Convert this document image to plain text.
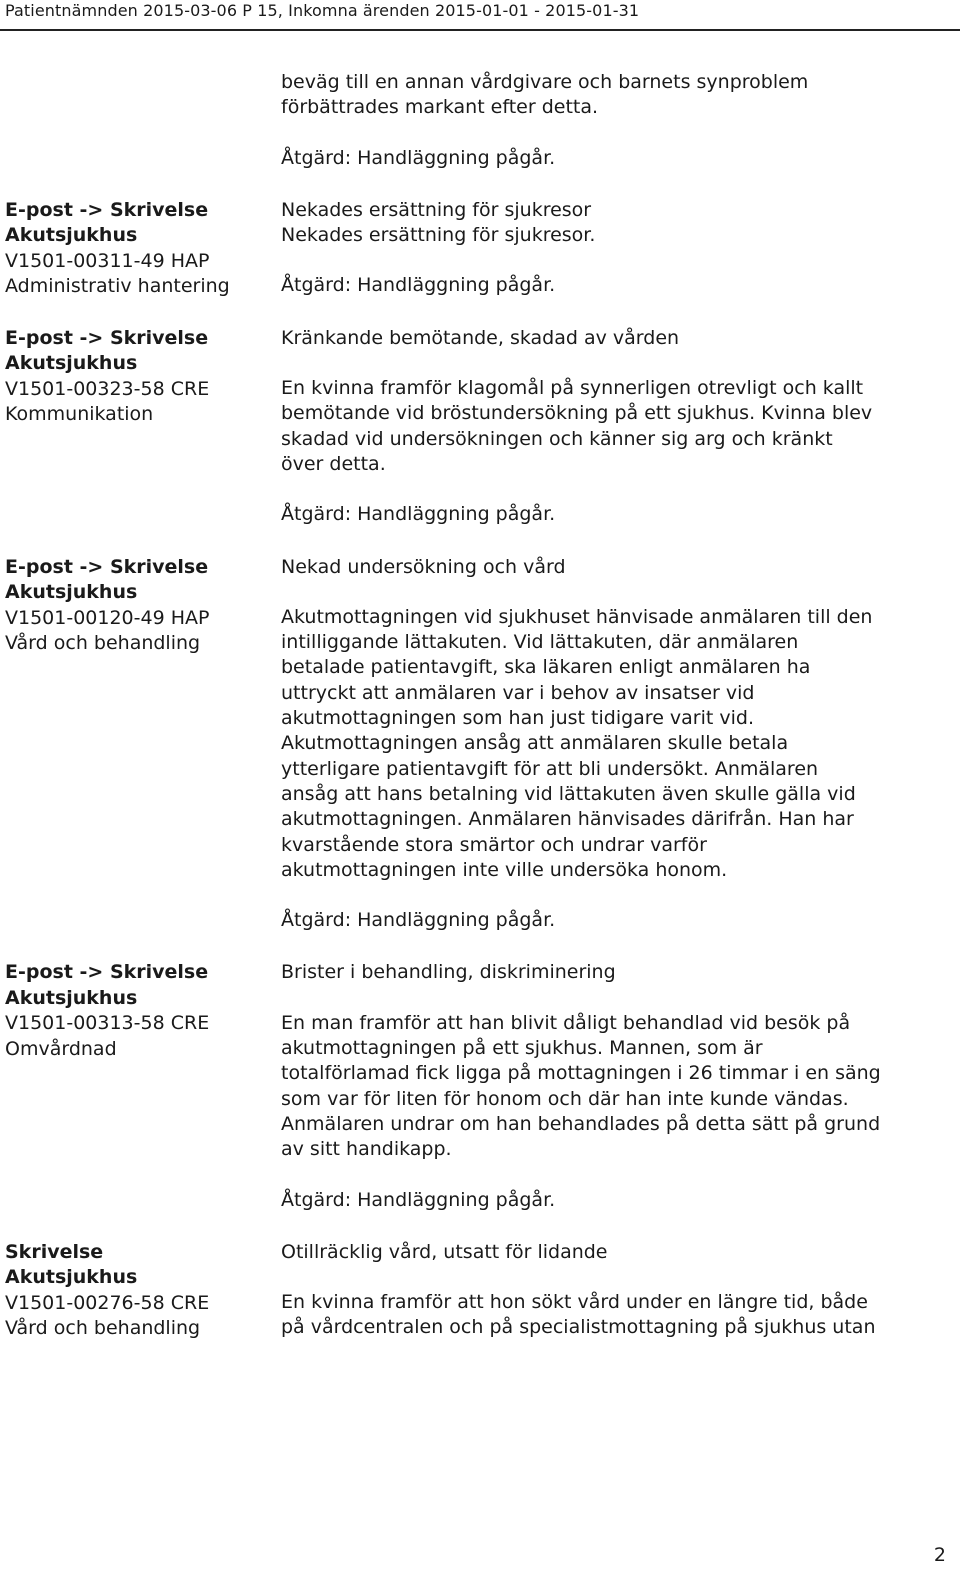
Patientnämnden 2015-03-06 P 15, Inkomna ärenden 2015-01-01 - 2015-01-31

beväg till en annan vårdgivare och barnets synproblem

förbättrades markant efter detta.

Åtgärd: Handläggning pågår.

E-post -> Skrivelse
Akutsjukhus
V1501-00311-49 HAP
Administrativ hantering

Nekades ersättning för sjukresor

Nekades ersättning för sjukresor.

Åtgärd: Handläggning pågår.

E-post -> Skrivelse
Akutsjukhus
V1501-00323-58 CRE
Kommunikation

Kränkande bemötande, skadad av vården

En kvinna framför klagomål på synnerligen otrevligt och kallt

bemötande vid bröstundersökning på ett sjukhus. Kvinna blev

skadad vid undersökningen och känner sig arg och kränkt

över detta.

Åtgärd: Handläggning pågår.

E-post -> Skrivelse
Akutsjukhus
V1501-00120-49 HAP
Vård och behandling

Nekad undersökning och vård

Akutmottagningen vid sjukhuset hänvisade anmälaren till den

intilliggande lättakuten. Vid lättakuten, där anmälaren

betalade patientavgift, ska läkaren enligt anmälaren ha

uttryckt att anmälaren var i behov av insatser vid

akutmottagningen som han just tidigare varit vid.

Akutmottagningen ansåg att anmälaren skulle betala

ytterligare patientavgift för att bli undersökt. Anmälaren

ansåg att hans betalning vid lättakuten även skulle gälla vid

akutmottagningen. Anmälaren hänvisades därifrån. Han har

kvarstående stora smärtor och undrar varför

akutmottagningen inte ville undersöka honom.

Åtgärd: Handläggning pågår.

E-post -> Skrivelse
Akutsjukhus
V1501-00313-58 CRE
Omvårdnad

Brister i behandling, diskriminering

En man framför att han blivit dåligt behandlad vid besök på

akutmottagningen på ett sjukhus. Mannen, som är

totalförlamad fick ligga på mottagningen i 26 timmar i en säng

som var för liten för honom och där han inte kunde vändas.

Anmälaren undrar om han behandlades på detta sätt på grund

av sitt handikapp.

Åtgärd: Handläggning pågår.

Skrivelse
Akutsjukhus
V1501-00276-58 CRE
Vård och behandling

Otillräcklig vård, utsatt för lidande

En kvinna framför att hon sökt vård under en längre tid, både

på vårdcentralen och på specialistmottagning på sjukhus utan

2
